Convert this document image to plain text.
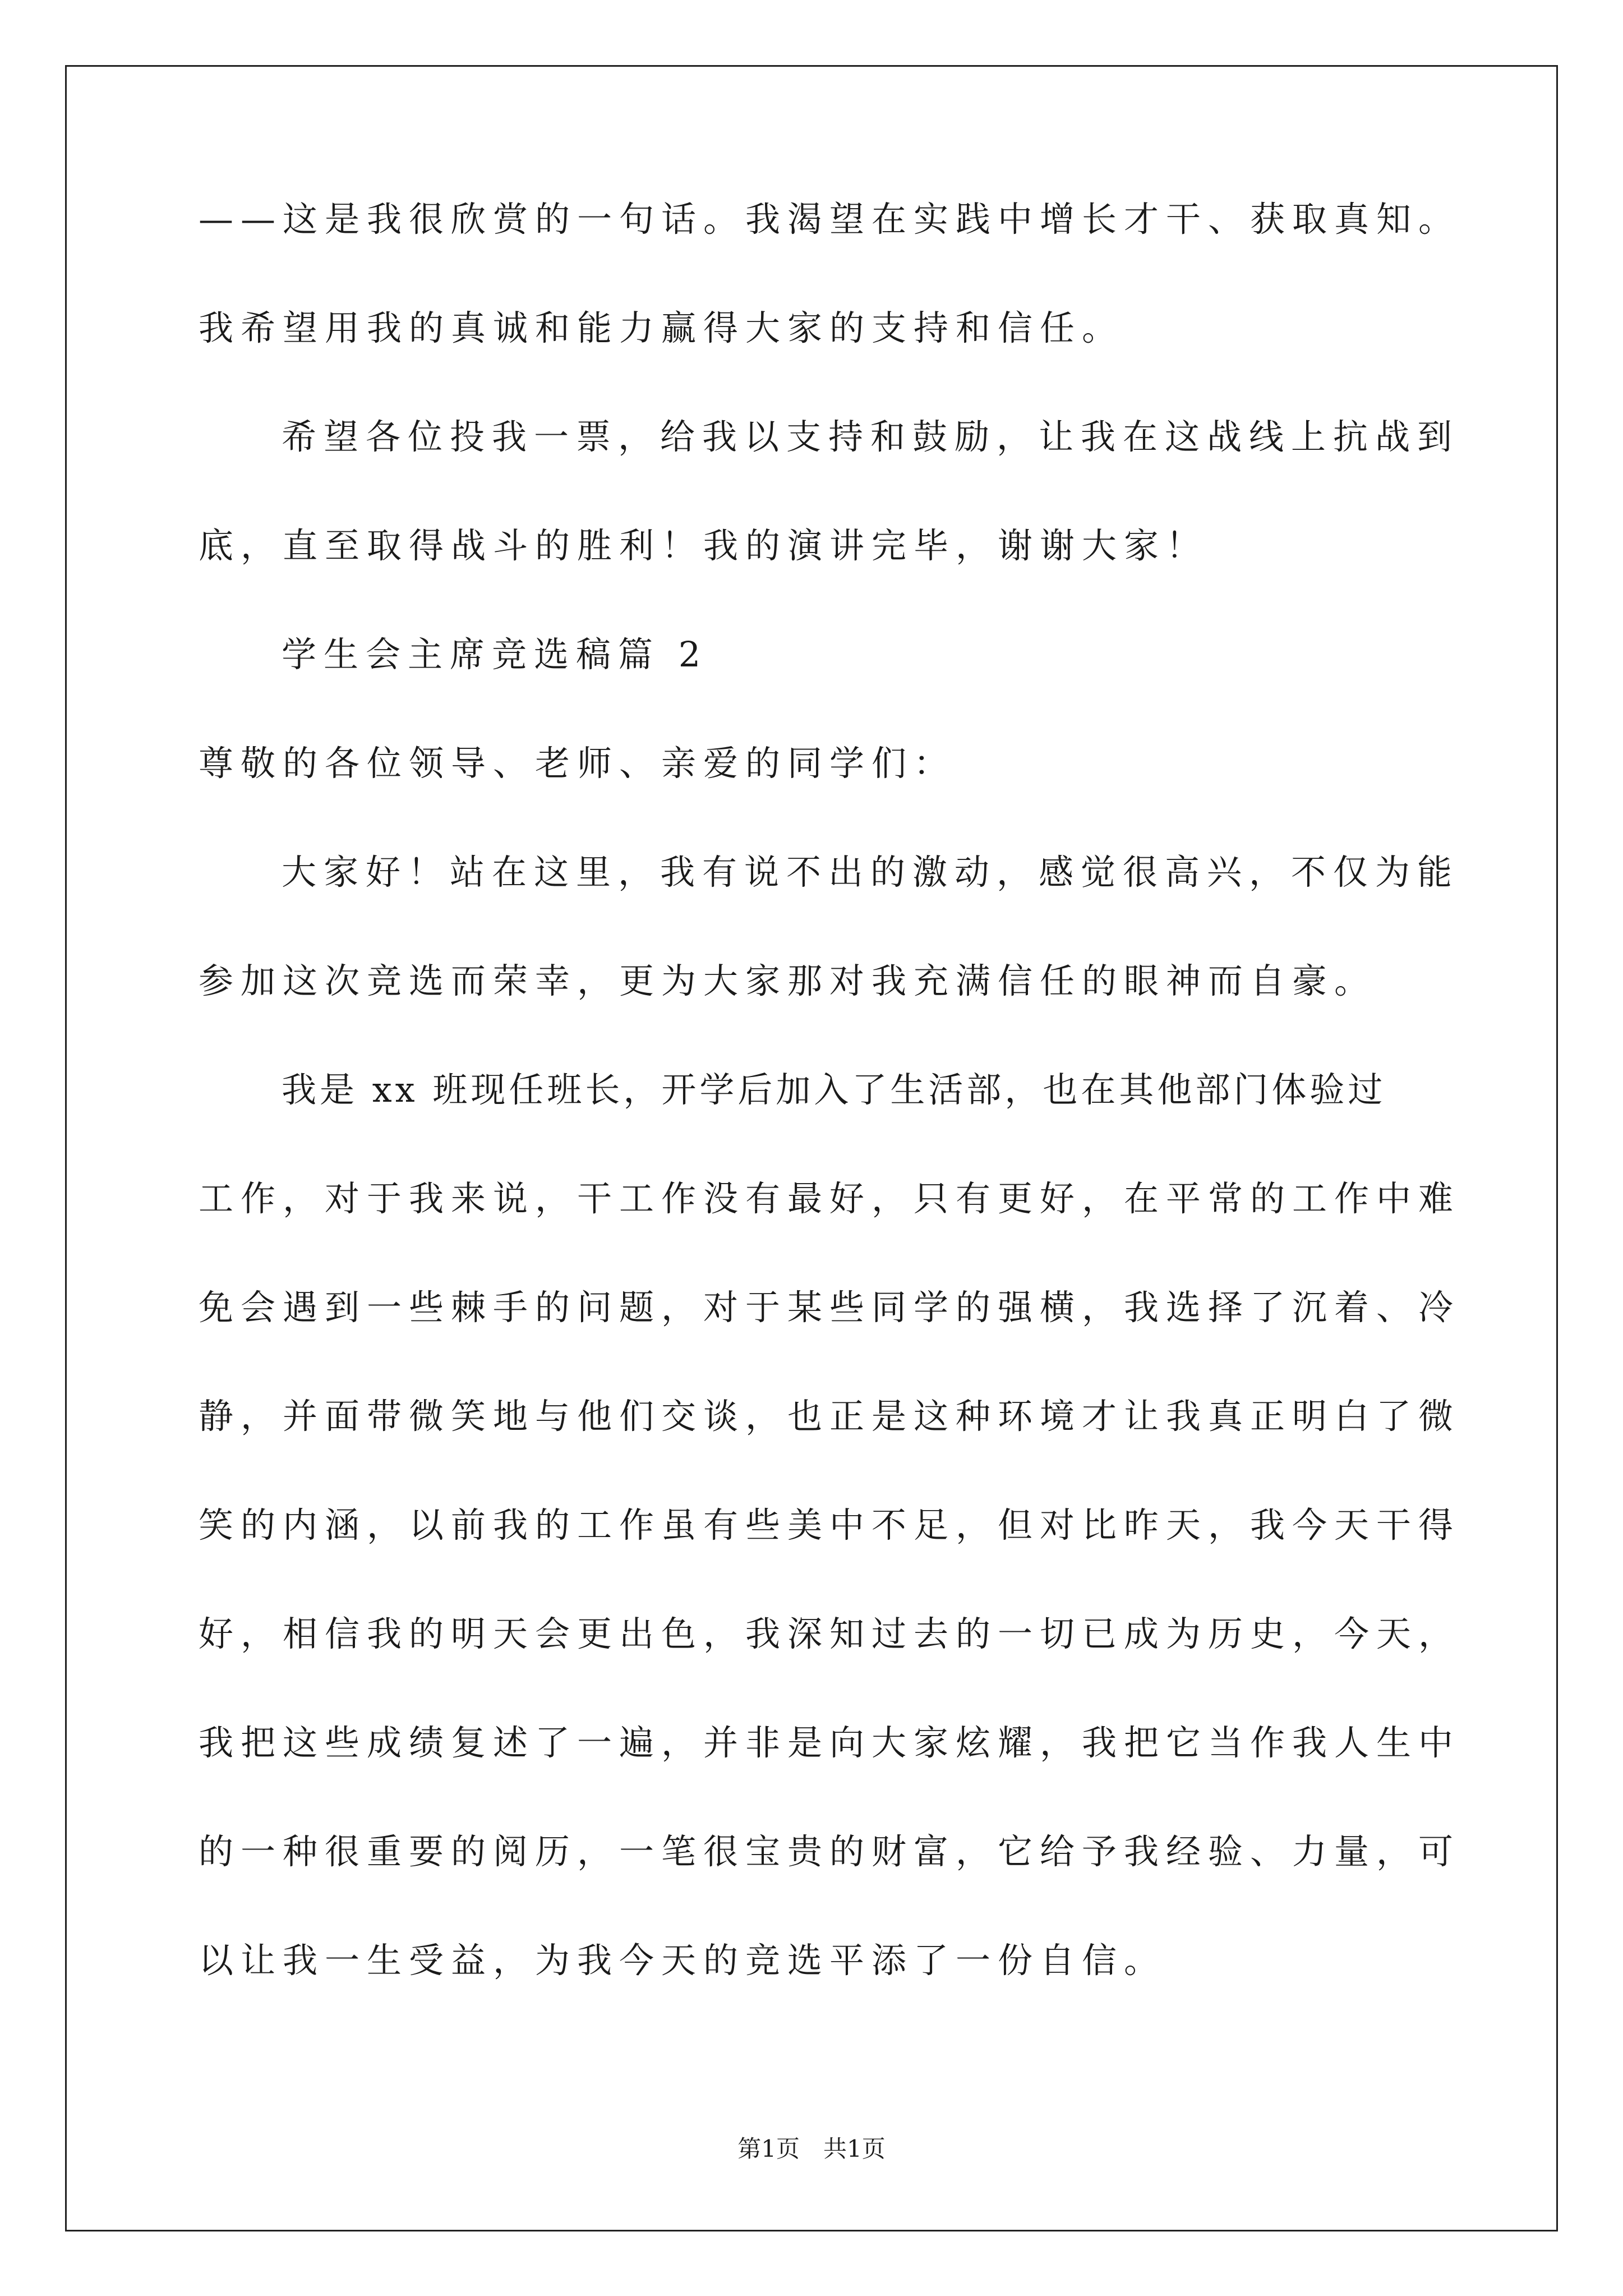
——这是我很欣赏的一句话。我渴望在实践中增长才干、获取真知。
我希望用我的真诚和能力赢得大家的支持和信任。
希望各位投我一票，给我以支持和鼓励，让我在这战线上抗战到
底，直至取得战斗的胜利！我的演讲完毕，谢谢大家！
学生会主席竞选稿篇 2
尊敬的各位领导、老师、亲爱的同学们：
大家好！站在这里，我有说不出的激动，感觉很高兴，不仅为能
参加这次竞选而荣幸，更为大家那对我充满信任的眼神而自豪。
我是 xx 班现任班长，开学后加入了生活部，也在其他部门体验过
工作，对于我来说，干工作没有最好，只有更好，在平常的工作中难
免会遇到一些棘手的问题，对于某些同学的强横，我选择了沉着、冷
静，并面带微笑地与他们交谈，也正是这种环境才让我真正明白了微
笑的内涵，以前我的工作虽有些美中不足，但对比昨天，我今天干得
好，相信我的明天会更出色，我深知过去的一切已成为历史，今天，
我把这些成绩复述了一遍，并非是向大家炫耀，我把它当作我人生中
的一种很重要的阅历，一笔很宝贵的财富，它给予我经验、力量，可
以让我一生受益，为我今天的竞选平添了一份自信。
第1页　共1页
